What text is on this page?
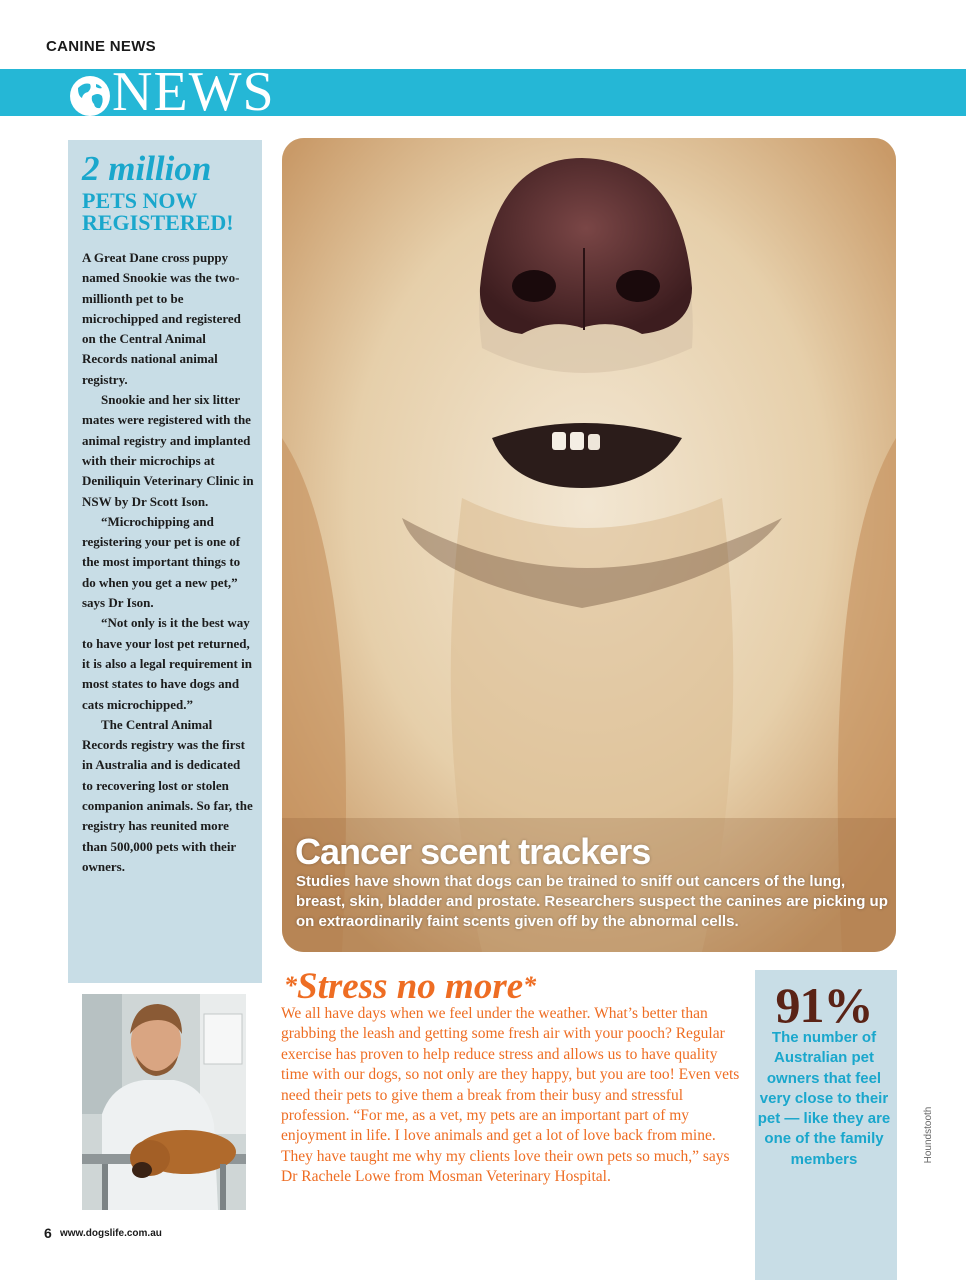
CANINE NEWS
NEWS
2 million
PETS NOW
REGISTERED!

A Great Dane cross puppy named Snookie was the two-millionth pet to be microchipped and registered on the Central Animal Records national animal registry.

Snookie and her six litter mates were registered with the animal registry and implanted with their microchips at Deniliquin Veterinary Clinic in NSW by Dr Scott Ison.

“Microchipping and registering your pet is one of the most important things to do when you get a new pet,” says Dr Ison.

“Not only is it the best way to have your lost pet returned, it is also a legal requirement in most states to have dogs and cats microchipped.”

The Central Animal Records registry was the first in Australia and is dedicated to recovering lost or stolen companion animals. So far, the registry has reunited more than 500,000 pets with their owners.	Cancer scent trackers
Studies have shown that dogs can be trained to sniff out cancers of the lung, breast, skin, bladder and prostate. Researchers suspect the canines are picking up on extraordinarily faint scents given off by the abnormal cells.
*Stress no more*
We all have days when we feel under the weather. What’s better than grabbing the leash and getting some fresh air with your pooch? Regular exercise has proven to help reduce stress and allows us to have quality time with our dogs, so not only are they happy, but you are too! Even vets need their pets to give them a break from their busy and stressful profession. “For me, as a vet, my pets are an important part of my enjoyment in life. I love animals and get a lot of love back from mine. They have taught me why my clients love their own pets so much,” says Dr Rachele Lowe from Mosman Veterinary Hospital.
91%
The number of Australian pet owners that feel very close to their pet — like they are one of the family members	Houndstooth
6 www.dogslife.com.au
